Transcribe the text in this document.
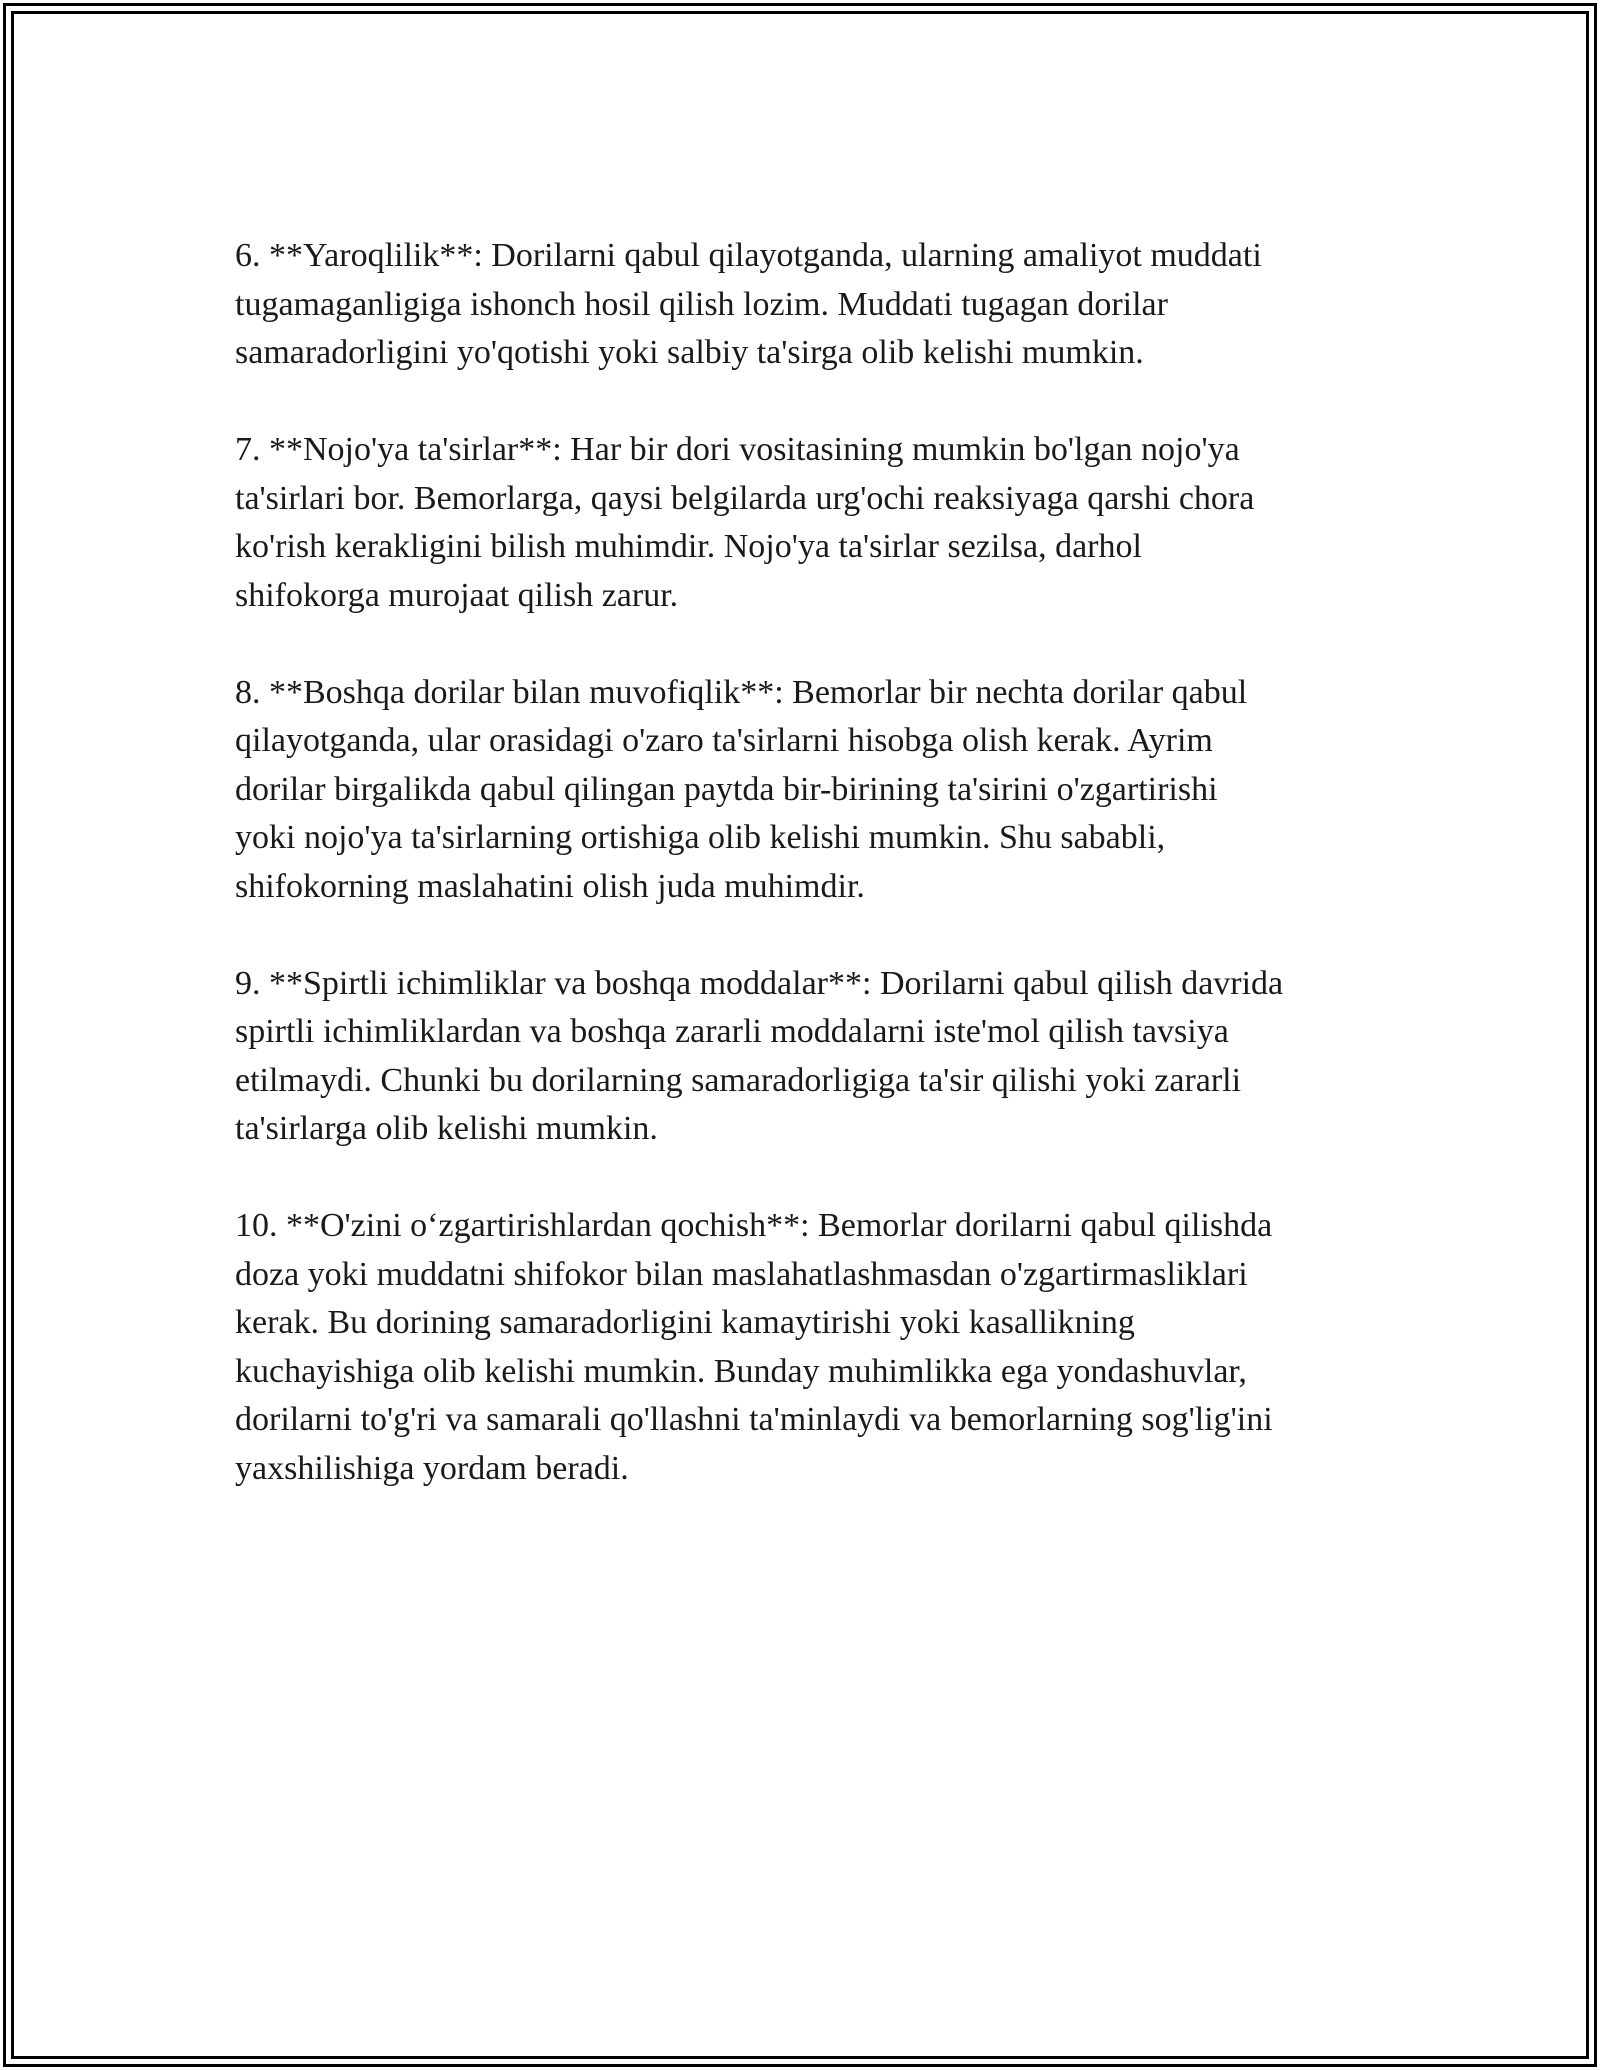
6. **Yaroqlilik**: Dorilarni qabul qilayotganda, ularning amaliyot muddati
tugamaganligiga ishonch hosil qilish lozim. Muddati tugagan dorilar
samaradorligini yo'qotishi yoki salbiy ta'sirga olib kelishi mumkin.

7. **Nojo'ya ta'sirlar**: Har bir dori vositasining mumkin bo'lgan nojo'ya
ta'sirlari bor. Bemorlarga, qaysi belgilarda urg'ochi reaksiyaga qarshi chora
ko'rish kerakligini bilish muhimdir. Nojo'ya ta'sirlar sezilsa, darhol
shifokorga murojaat qilish zarur.

8. **Boshqa dorilar bilan muvofiqlik**: Bemorlar bir nechta dorilar qabul
qilayotganda, ular orasidagi o'zaro ta'sirlarni hisobga olish kerak. Ayrim
dorilar birgalikda qabul qilingan paytda bir-birining ta'sirini o'zgartirishi
yoki nojo'ya ta'sirlarning ortishiga olib kelishi mumkin. Shu sababli,
shifokorning maslahatini olish juda muhimdir.

9. **Spirtli ichimliklar va boshqa moddalar**: Dorilarni qabul qilish davrida
spirtli ichimliklardan va boshqa zararli moddalarni iste'mol qilish tavsiya
etilmaydi. Chunki bu dorilarning samaradorligiga ta'sir qilishi yoki zararli
ta'sirlarga olib kelishi mumkin.

10. **O'zini o‘zgartirishlardan qochish**: Bemorlar dorilarni qabul qilishda
doza yoki muddatni shifokor bilan maslahatlashmasdan o'zgartirmasliklari
kerak. Bu dorining samaradorligini kamaytirishi yoki kasallikning
kuchayishiga olib kelishi mumkin. Bunday muhimlikka ega yondashuvlar,
dorilarni to'g'ri va samarali qo'llashni ta'minlaydi va bemorlarning sog'lig'ini
yaxshilishiga yordam beradi.
